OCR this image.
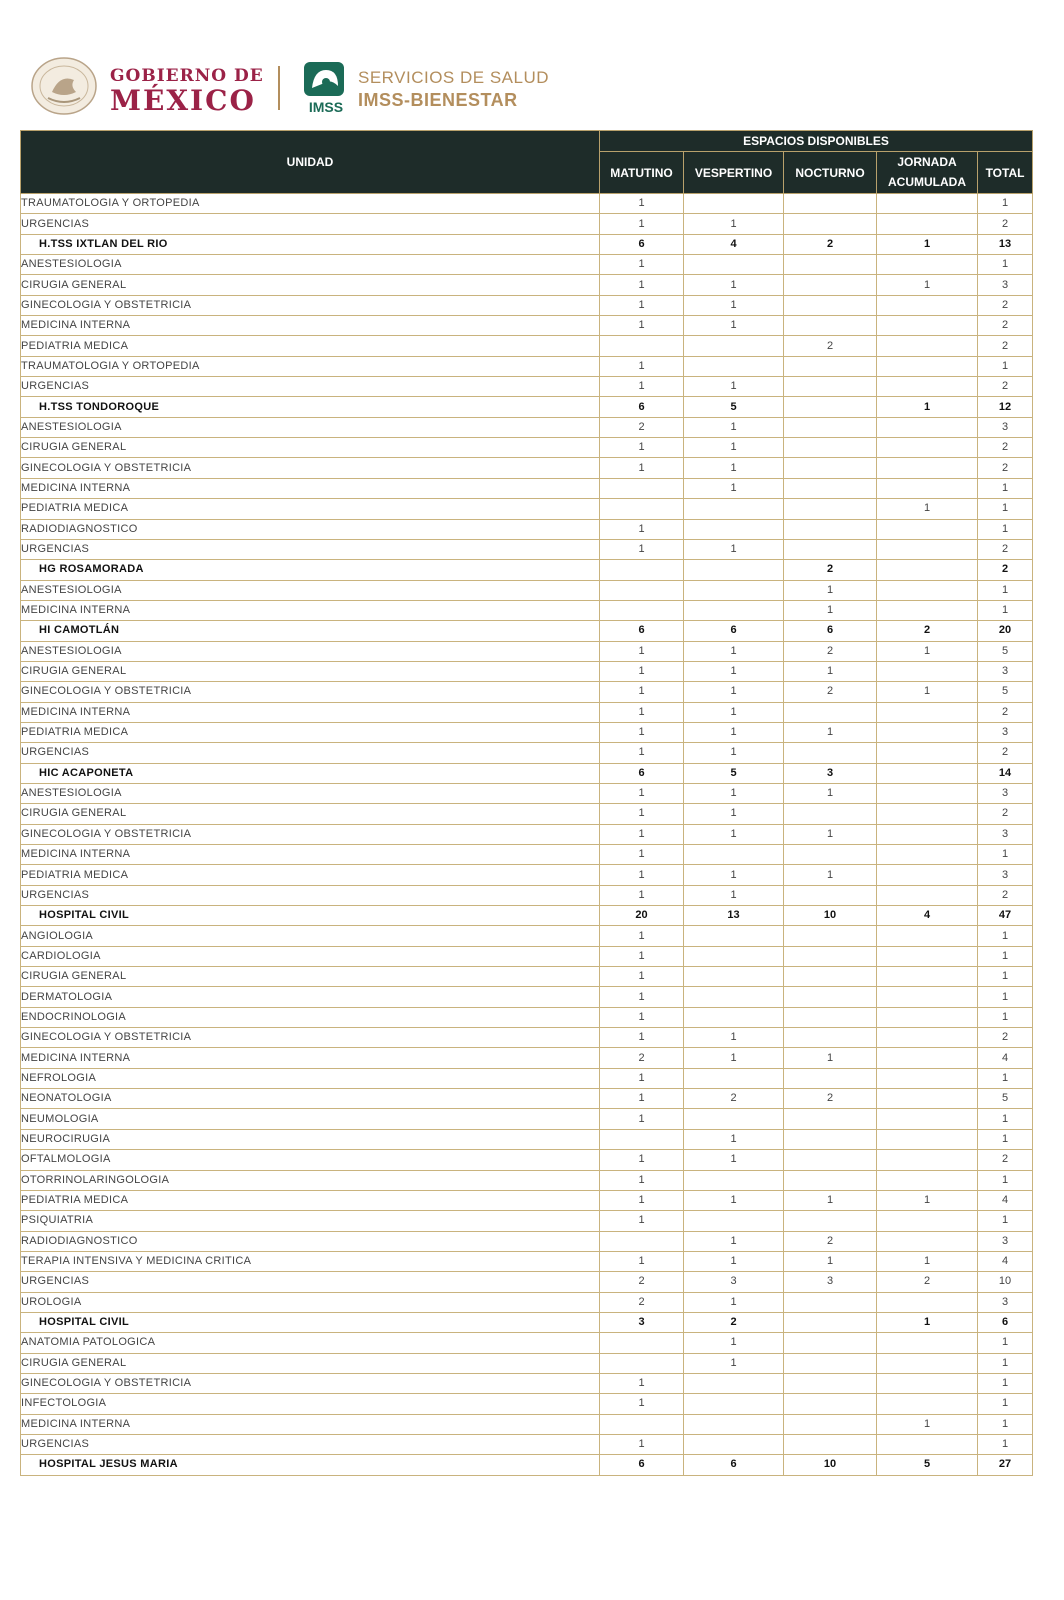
GOBIERNO DE
MÉXICO	IMSS
SERVICIOS DE SALUD
IMSS-BIENESTAR
UNIDAD	ESPACIOS DISPONIBLES				
	MATUTINO	VESPERTINO	NOCTURNO	JORNADA ACUMULADA	TOTAL
TRAUMATOLOGIA Y ORTOPEDIA	1				1
URGENCIAS	1	1			2
H.TSS IXTLAN DEL RIO	6	4	2	1	13
ANESTESIOLOGIA	1				1
CIRUGIA GENERAL	1	1		1	3
GINECOLOGIA Y OBSTETRICIA	1	1			2
MEDICINA INTERNA	1	1			2
PEDIATRIA MEDICA			2		2
TRAUMATOLOGIA Y ORTOPEDIA	1				1
URGENCIAS	1	1			2
H.TSS TONDOROQUE	6	5		1	12
ANESTESIOLOGIA	2	1			3
CIRUGIA GENERAL	1	1			2
GINECOLOGIA Y OBSTETRICIA	1	1			2
MEDICINA INTERNA		1			1
PEDIATRIA MEDICA				1	1
RADIODIAGNOSTICO	1				1
URGENCIAS	1	1			2
HG ROSAMORADA			2		2
ANESTESIOLOGIA			1		1
MEDICINA INTERNA			1		1
HI CAMOTLÁN	6	6	6	2	20
ANESTESIOLOGIA	1	1	2	1	5
CIRUGIA GENERAL	1	1	1		3
GINECOLOGIA Y OBSTETRICIA	1	1	2	1	5
MEDICINA INTERNA	1	1			2
PEDIATRIA MEDICA	1	1	1		3
URGENCIAS	1	1			2
HIC ACAPONETA	6	5	3		14
ANESTESIOLOGIA	1	1	1		3
CIRUGIA GENERAL	1	1			2
GINECOLOGIA Y OBSTETRICIA	1	1	1		3
MEDICINA INTERNA	1				1
PEDIATRIA MEDICA	1	1	1		3
URGENCIAS	1	1			2
HOSPITAL CIVIL	20	13	10	4	47
ANGIOLOGIA	1				1
CARDIOLOGIA	1				1
CIRUGIA GENERAL	1				1
DERMATOLOGIA	1				1
ENDOCRINOLOGIA	1				1
GINECOLOGIA Y OBSTETRICIA	1	1			2
MEDICINA INTERNA	2	1	1		4
NEFROLOGIA	1				1
NEONATOLOGIA	1	2	2		5
NEUMOLOGIA	1				1
NEUROCIRUGIA		1			1
OFTALMOLOGIA	1	1			2
OTORRINOLARINGOLOGIA	1				1
PEDIATRIA MEDICA	1	1	1	1	4
PSIQUIATRIA	1				1
RADIODIAGNOSTICO		1	2		3
TERAPIA INTENSIVA Y MEDICINA CRITICA	1	1	1	1	4
URGENCIAS	2	3	3	2	10
UROLOGIA	2	1			3
HOSPITAL CIVIL	3	2		1	6
ANATOMIA PATOLOGICA		1			1
CIRUGIA GENERAL		1			1
GINECOLOGIA Y OBSTETRICIA	1				1
INFECTOLOGIA	1				1
MEDICINA INTERNA				1	1
URGENCIAS	1				1
HOSPITAL JESUS MARIA	6	6	10	5	27
